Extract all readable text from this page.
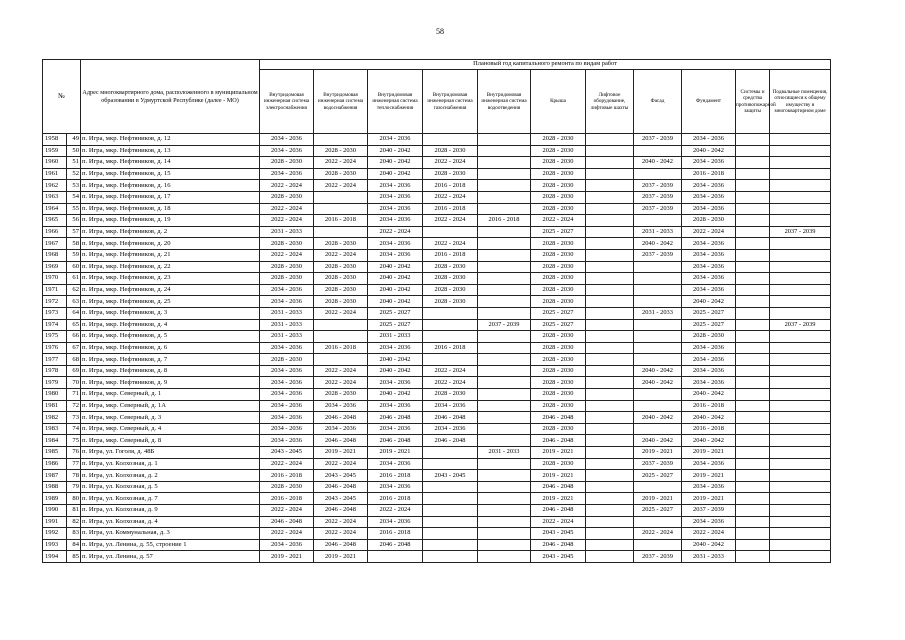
58
№		Адрес многоквартирного дома, расположенного в муниципальном образовании в Удмуртской Республике (далее - МО)	Плановый год капитального ремонта по видам работ										
			Внутридомовая инженерная система электроснабжения	Внутридомовая инженерная система водоснабжения	Внутридомовая инженерная система теплоснабжения	Внутридомовая инженерная система газоснабжения	Внутридомовая инженерная система водоотведения	Крыша	Лифтовое оборудование, лифтовые шахты	Фасад	Фундамент	Системы и средства противопожарной защиты	Подвальные помещения, относящиеся к общему имуществу в многоквартирном доме
1958	49	п. Игра, мкр. Нефтяников, д. 12	2034 - 2036		2034 - 2036			2028 - 2030		2037 - 2039	2034 - 2036		
1959	50	п. Игра, мкр. Нефтяников, д. 13	2034 - 2036	2028 - 2030	2040 - 2042	2028 - 2030		2028 - 2030			2040 - 2042		
1960	51	п. Игра, мкр. Нефтяников, д. 14	2028 - 2030	2022 - 2024	2040 - 2042	2022 - 2024		2028 - 2030		2040 - 2042	2034 - 2036		
1961	52	п. Игра, мкр. Нефтяников, д. 15	2034 - 2036	2028 - 2030	2040 - 2042	2028 - 2030		2028 - 2030			2016 - 2018		
1962	53	п. Игра, мкр. Нефтяников, д. 16	2022 - 2024	2022 - 2024	2034 - 2036	2016 - 2018		2028 - 2030		2037 - 2039	2034 - 2036		
1963	54	п. Игра, мкр. Нефтяников, д. 17	2028 - 2030		2034 - 2036	2022 - 2024		2028 - 2030		2037 - 2039	2034 - 2036		
1964	55	п. Игра, мкр. Нефтяников, д. 18	2022 - 2024		2034 - 2036	2016 - 2018		2028 - 2030		2037 - 2039	2034 - 2036		
1965	56	п. Игра, мкр. Нефтяников, д. 19	2022 - 2024	2016 - 2018	2034 - 2036	2022 - 2024	2016 - 2018	2022 - 2024			2028 - 2030		
1966	57	п. Игра, мкр. Нефтяников, д. 2	2031 - 2033		2022 - 2024			2025 - 2027		2031 - 2033	2022 - 2024		2037 - 2039
1967	58	п. Игра, мкр. Нефтяников, д. 20	2028 - 2030	2028 - 2030	2034 - 2036	2022 - 2024		2028 - 2030		2040 - 2042	2034 - 2036		
1968	59	п. Игра, мкр. Нефтяников, д. 21	2022 - 2024	2022 - 2024	2034 - 2036	2016 - 2018		2028 - 2030		2037 - 2039	2034 - 2036		
1969	60	п. Игра, мкр. Нефтяников, д. 22	2028 - 2030	2028 - 2030	2040 - 2042	2028 - 2030		2028 - 2030			2034 - 2036		
1970	61	п. Игра, мкр. Нефтяников, д. 23	2028 - 2030	2028 - 2030	2040 - 2042	2028 - 2030		2028 - 2030			2034 - 2036		
1971	62	п. Игра, мкр. Нефтяников, д. 24	2034 - 2036	2028 - 2030	2040 - 2042	2028 - 2030		2028 - 2030			2034 - 2036		
1972	63	п. Игра, мкр. Нефтяников, д. 25	2034 - 2036	2028 - 2030	2040 - 2042	2028 - 2030		2028 - 2030			2040 - 2042		
1973	64	п. Игра, мкр. Нефтяников, д. 3	2031 - 2033	2022 - 2024	2025 - 2027			2025 - 2027		2031 - 2033	2025 - 2027		
1974	65	п. Игра, мкр. Нефтяников, д. 4	2031 - 2033		2025 - 2027		2037 - 2039	2025 - 2027			2025 - 2027		2037 - 2039
1975	66	п. Игра, мкр. Нефтяников, д. 5	2031 - 2033		2031 - 2033			2028 - 2030			2028 - 2030		
1976	67	п. Игра, мкр. Нефтяников, д. 6	2034 - 2036	2016 - 2018	2034 - 2036	2016 - 2018		2028 - 2030			2034 - 2036		
1977	68	п. Игра, мкр. Нефтяников, д. 7	2028 - 2030		2040 - 2042			2028 - 2030			2034 - 2036		
1978	69	п. Игра, мкр. Нефтяников, д. 8	2034 - 2036	2022 - 2024	2040 - 2042	2022 - 2024		2028 - 2030		2040 - 2042	2034 - 2036		
1979	70	п. Игра, мкр. Нефтяников, д. 9	2034 - 2036	2022 - 2024	2034 - 2036	2022 - 2024		2028 - 2030		2040 - 2042	2034 - 2036		
1980	71	п. Игра, мкр. Северный, д. 1	2034 - 2036	2028 - 2030	2040 - 2042	2028 - 2030		2028 - 2030			2040 - 2042		
1981	72	п. Игра, мкр. Северный, д. 1А	2034 - 2036	2034 - 2036	2034 - 2036	2034 - 2036		2028 - 2030			2016 - 2018		
1982	73	п. Игра, мкр. Северный, д. 3	2034 - 2036	2046 - 2048	2046 - 2048	2046 - 2048		2046 - 2048		2040 - 2042	2040 - 2042		
1983	74	п. Игра, мкр. Северный, д. 4	2034 - 2036	2034 - 2036	2034 - 2036	2034 - 2036		2028 - 2030			2016 - 2018		
1984	75	п. Игра, мкр. Северный, д. 8	2034 - 2036	2046 - 2048	2046 - 2048	2046 - 2048		2046 - 2048		2040 - 2042	2040 - 2042		
1985	76	п. Игра, ул. Гоголя, д. 48Б	2043 - 2045	2019 - 2021	2019 - 2021		2031 - 2033	2019 - 2021		2019 - 2021	2019 - 2021		
1986	77	п. Игра, ул. Колхозная, д. 1	2022 - 2024	2022 - 2024	2034 - 2036			2028 - 2030		2037 - 2039	2034 - 2036		
1987	78	п. Игра, ул. Колхозная, д. 2	2016 - 2018	2043 - 2045	2016 - 2018	2043 - 2045		2019 - 2021		2025 - 2027	2019 - 2021		
1988	79	п. Игра, ул. Колхозная, д. 5	2028 - 2030	2046 - 2048	2034 - 2036			2046 - 2048			2034 - 2036		
1989	80	п. Игра, ул. Колхозная, д. 7	2016 - 2018	2043 - 2045	2016 - 2018			2019 - 2021		2019 - 2021	2019 - 2021		
1990	81	п. Игра, ул. Колхозная, д. 9	2022 - 2024	2046 - 2048	2022 - 2024			2046 - 2048		2025 - 2027	2037 - 2039		
1991	82	п. Игра, ул. Колхозная, д. 4	2046 - 2048	2022 - 2024	2034 - 2036			2022 - 2024			2034 - 2036		
1992	83	п. Игра, ул. Коммунальная, д. 3	2022 - 2024	2022 - 2024	2016 - 2018			2043 - 2045		2022 - 2024	2022 - 2024		
1993	84	п. Игра, ул. Ленина, д. 55, строение 1	2034 - 2036	2046 - 2048	2046 - 2048			2046 - 2048			2040 - 2042		
1994	85	п. Игра, ул. Ленина, д. 57	2019 - 2021	2019 - 2021				2043 - 2045		2037 - 2039	2031 - 2033		
